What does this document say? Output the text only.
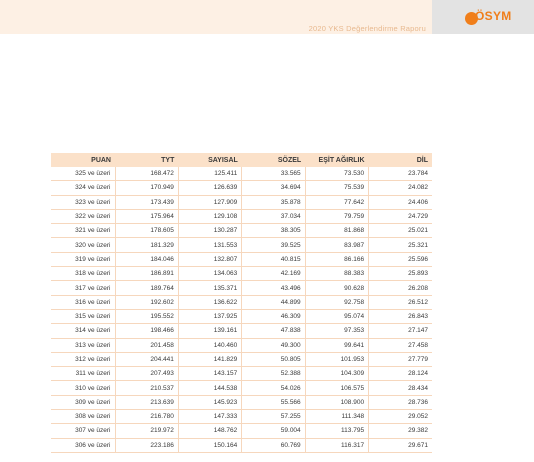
2020 YKS Değerlendirme Raporu
ÖSYM
PUAN	TYT	SAYISAL	SÖZEL	EŞİT AĞIRLIK	DİL
325 ve üzeri	168.472	125.411	33.565	73.530	23.784
324 ve üzeri	170.949	126.639	34.694	75.539	24.082
323 ve üzeri	173.439	127.909	35.878	77.642	24.406
322 ve üzeri	175.964	129.108	37.034	79.759	24.729
321 ve üzeri	178.605	130.287	38.305	81.868	25.021
320 ve üzeri	181.329	131.553	39.525	83.987	25.321
319 ve üzeri	184.046	132.807	40.815	86.166	25.596
318 ve üzeri	186.891	134.063	42.169	88.383	25.893
317 ve üzeri	189.764	135.371	43.496	90.628	26.208
316 ve üzeri	192.602	136.622	44.899	92.758	26.512
315 ve üzeri	195.552	137.925	46.309	95.074	26.843
314 ve üzeri	198.466	139.161	47.838	97.353	27.147
313 ve üzeri	201.458	140.460	49.300	99.641	27.458
312 ve üzeri	204.441	141.829	50.805	101.953	27.779
311 ve üzeri	207.493	143.157	52.388	104.309	28.124
310 ve üzeri	210.537	144.538	54.026	106.575	28.434
309 ve üzeri	213.639	145.923	55.566	108.900	28.736
308 ve üzeri	216.780	147.333	57.255	111.348	29.052
307 ve üzeri	219.972	148.762	59.004	113.795	29.382
306 ve üzeri	223.186	150.164	60.769	116.317	29.671
